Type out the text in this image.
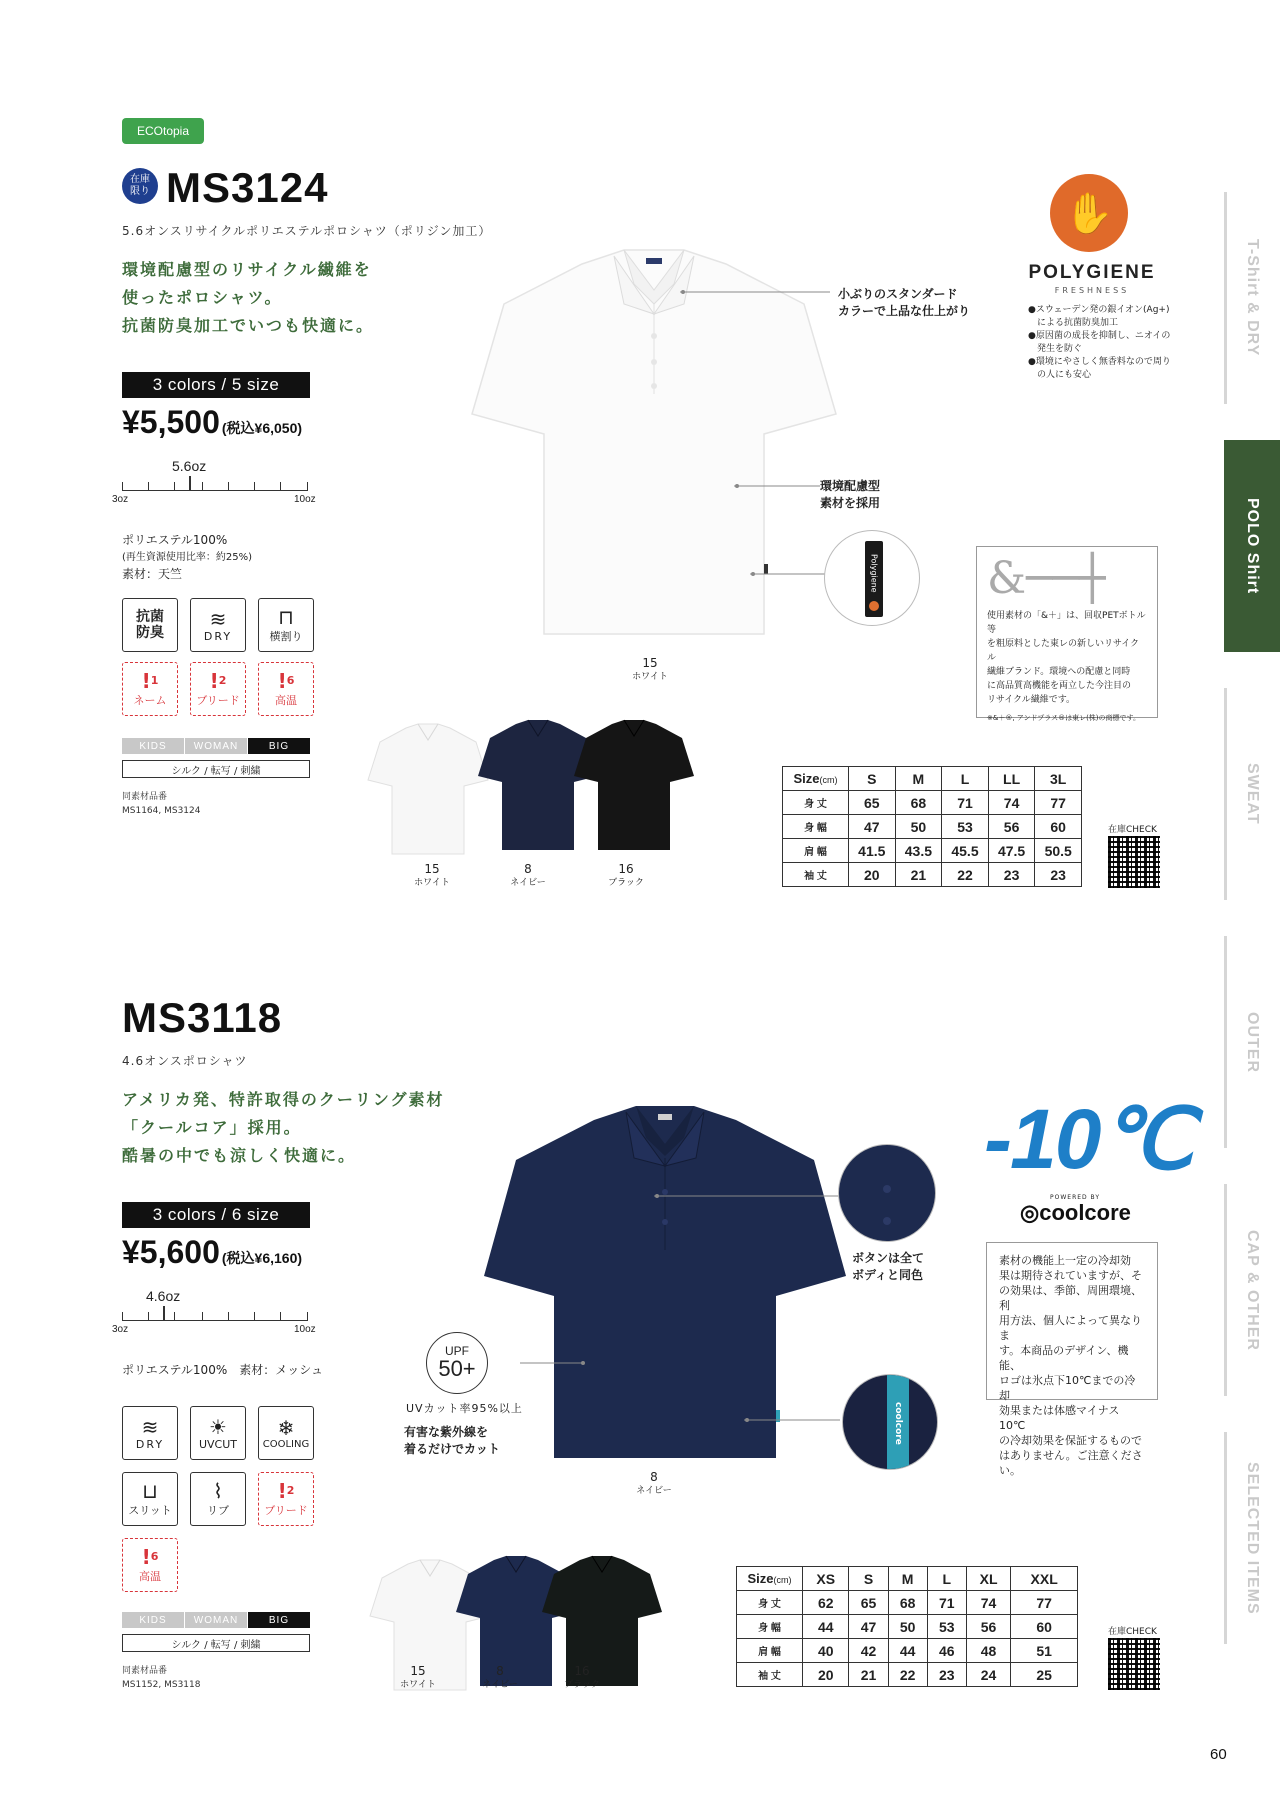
T-Shirt & DRY
POLO Shirt
SWEAT
OUTER
CAP & OTHER
SELECTED ITEMS
ECOtopia
在庫
限り MS3124
5.6オンスリサイクルポリエステルポロシャツ（ポリジン加工）
環境配慮型のリサイクル繊維を
使ったポロシャツ。
抗菌防臭加工でいつも快適に。
3 colors / 5 size
¥5,500 (税込¥6,050)
5.6oz
3oz	10oz
ポリエステル100%
(再生資源使用比率：約25%)
素材：天竺
抗菌
防臭
≋
DRY
⊓
横割り
!$^1$
ネーム
!$^2$
ブリード
!$^6$
高温
KIDS	WOMAN	BIG
シルク / 転写 / 刺繍
同素材品番
MS1164, MS3124
小ぶりのスタンダード
カラーで上品な仕上がり
環境配慮型
素材を採用
Polygiene
15
ホワイト
✋
POLYGIENE
FRESHNESS
●スウェーデン発の銀イオン(Ag+)
　による抗菌防臭加工
●原因菌の成長を抑制し、ニオイの
　発生を防ぐ
●環境にやさしく無香料なので周り
　の人にも安心
&──┼
使用素材の「&＋」は、回収PETボトル等
を粗原料とした東レの新しいリサイクル
繊維ブランド。環境への配慮と同時
に高品質高機能を両立した今注目の
リサイクル繊維です。
※&＋®, アンドプラス®は東レ(株)の商標です。
15
ホワイト
8
ネイビー
16
ブラック
Size(cm)	S	M	L	LL	3L
身 丈	65	68	71	74	77
身 幅	47	50	53	56	60
肩 幅	41.5	43.5	45.5	47.5	50.5
袖 丈	20	21	22	23	23
在庫CHECK
MS3118
4.6オンスポロシャツ
アメリカ発、特許取得のクーリング素材
「クールコア」採用。
酷暑の中でも涼しく快適に。
3 colors / 6 size
¥5,600 (税込¥6,160)
4.6oz
3oz	10oz
ポリエステル100%　素材：メッシュ
≋
DRY
☀
UVCUT
❄
COOLING
⊔
スリット
⌇
リブ
!$^2$
ブリード
!$^6$
高温
KIDS	WOMAN	BIG
シルク / 転写 / 刺繍
同素材品番
MS1152, MS3118
ボタンは全て
ボディと同色
coolcore
UPF
50+
UVカット率95%以上
有害な紫外線を
着るだけでカット
8
ネイビー
-10℃
POWERED BY
◎coolcore
素材の機能上一定の冷却効
果は期待されていますが、そ
の効果は、季節、周囲環境、利
用方法、個人によって異なりま
す。本商品のデザイン、機能、
ロゴは氷点下10℃までの冷却
効果または体感マイナス10℃
の冷却効果を保証するもので
はありません。ご注意ください。
15
ホワイト
8
ネイビー
16
ブラック
Size(cm)	XS	S	M	L	XL	XXL
身 丈	62	65	68	71	74	77
身 幅	44	47	50	53	56	60
肩 幅	40	42	44	46	48	51
袖 丈	20	21	22	23	24	25
在庫CHECK
60
